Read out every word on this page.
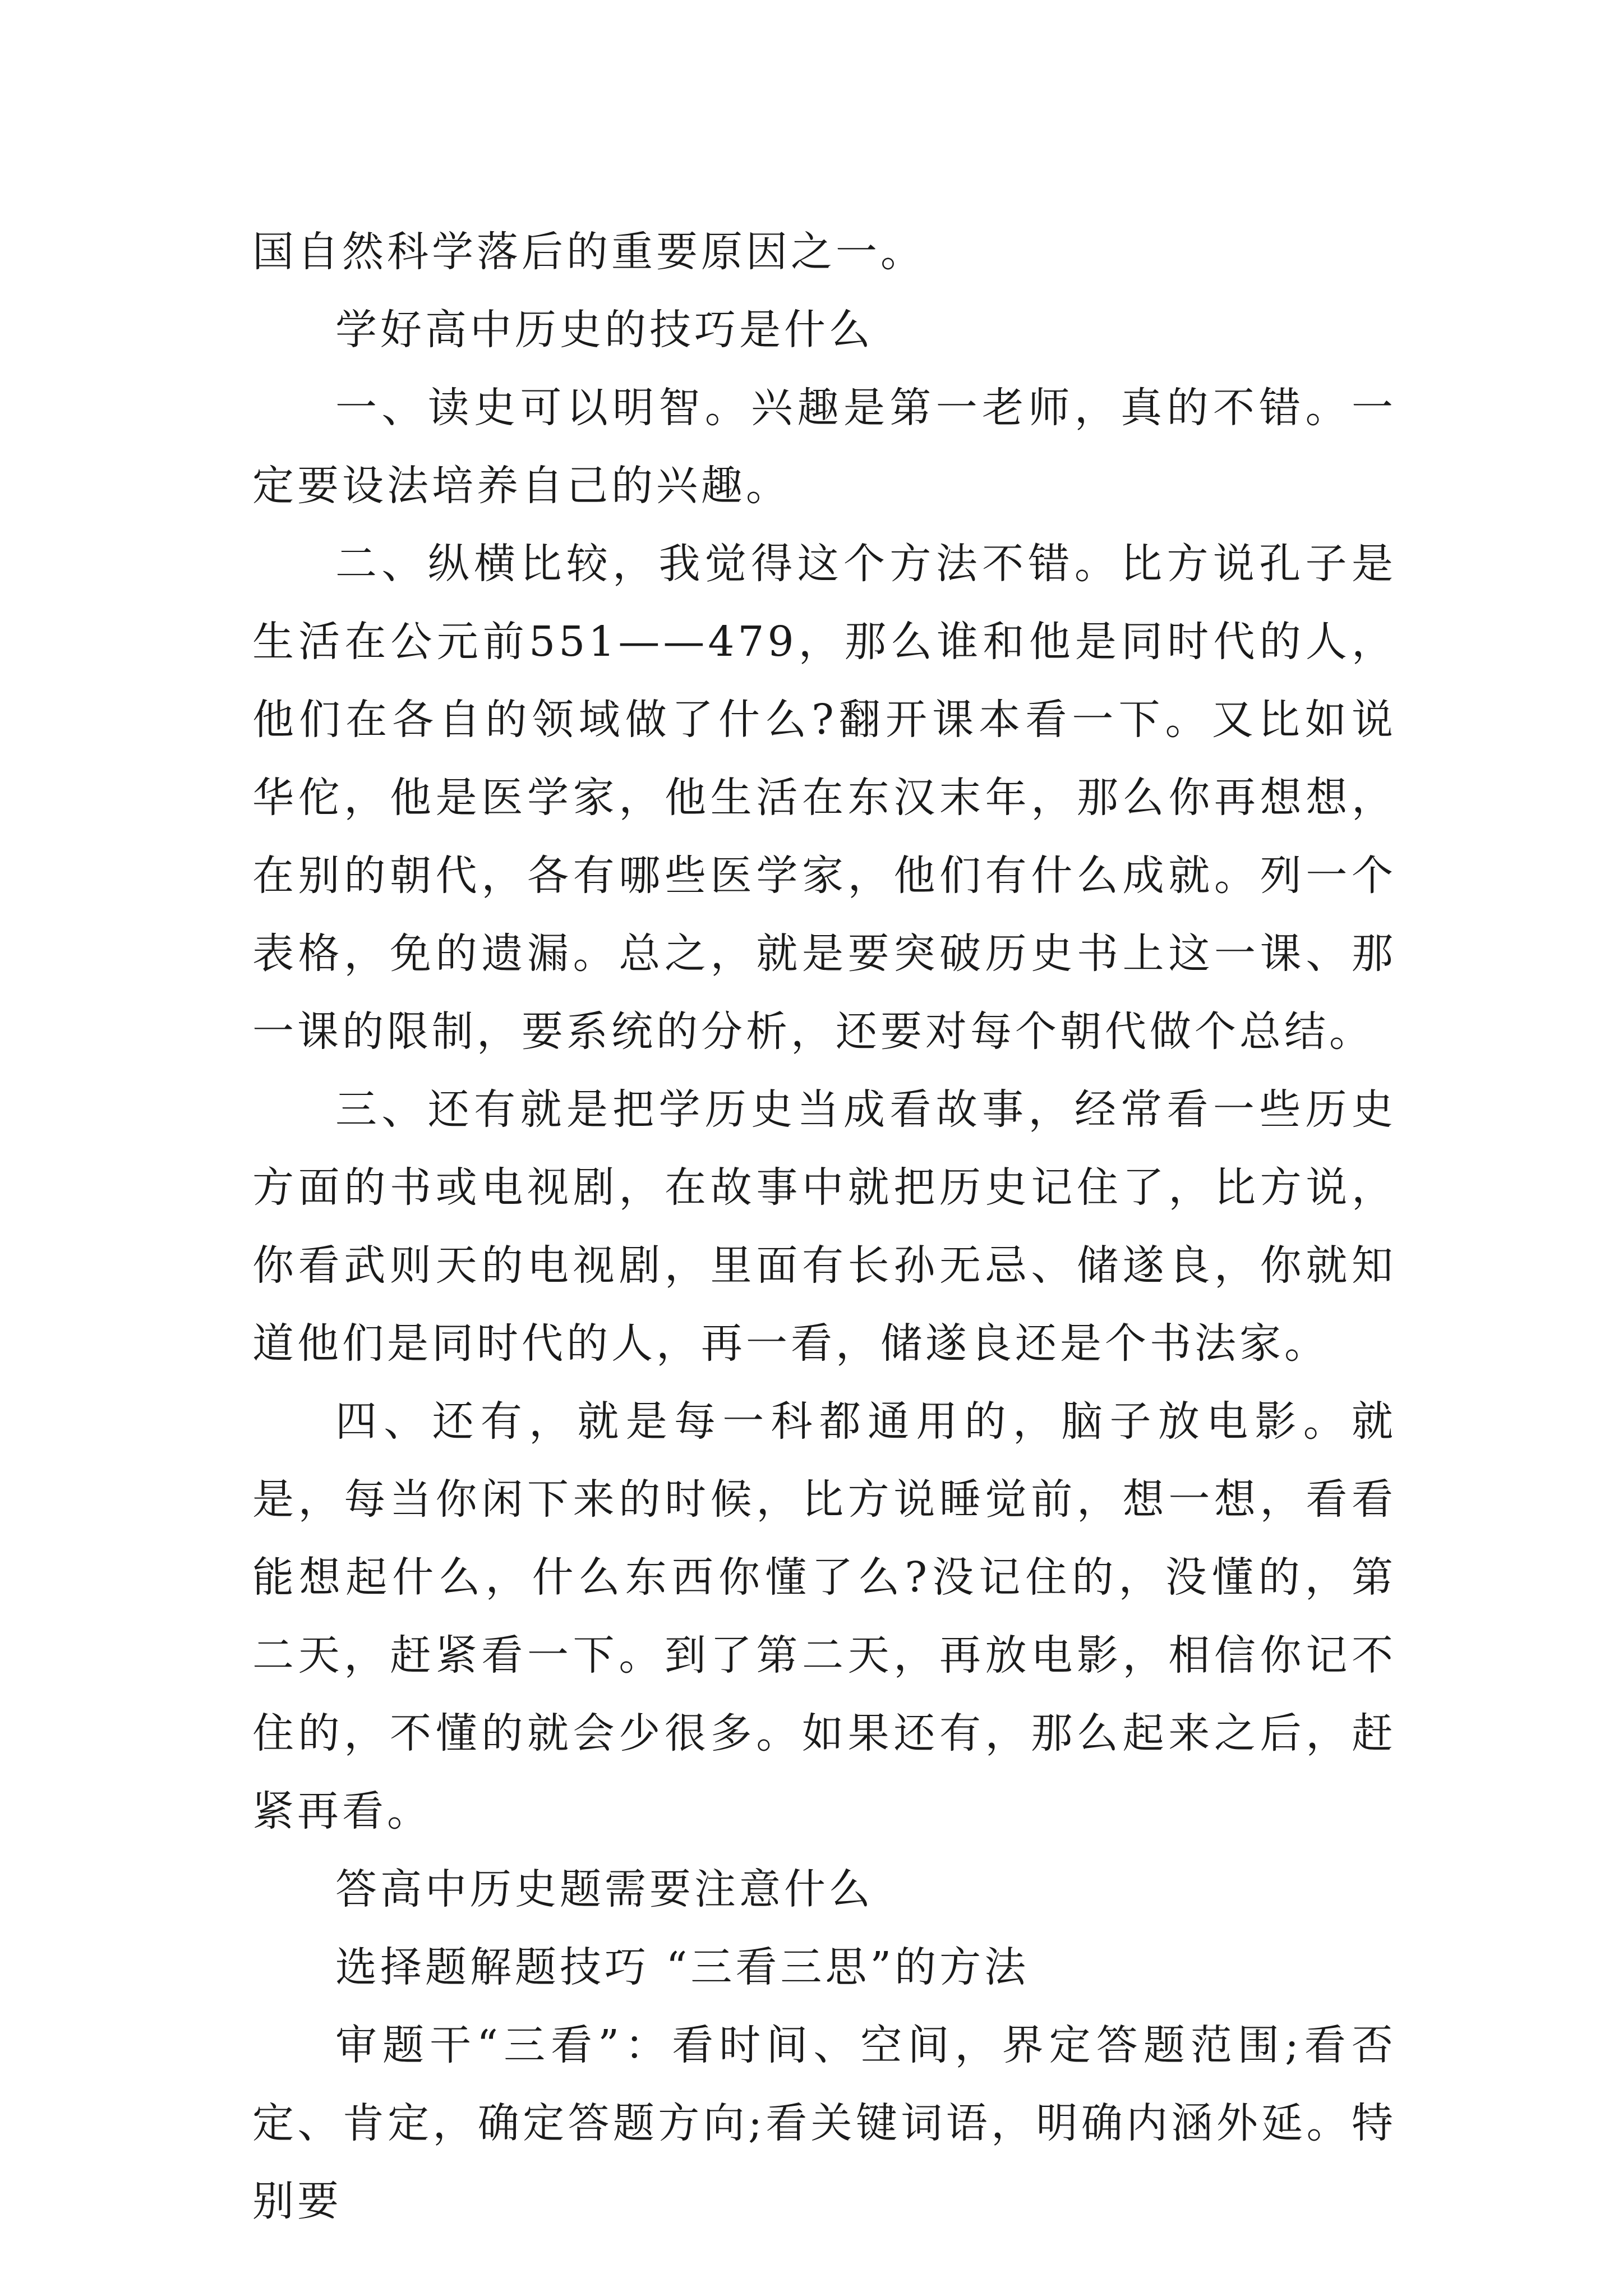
国自然科学落后的重要原因之一。

学好高中历史的技巧是什么

一、读史可以明智。兴趣是第一老师，真的不错。一定要设法培养自己的兴趣。

二、纵横比较，我觉得这个方法不错。比方说孔子是生活在公元前551——479，那么谁和他是同时代的人，他们在各自的领域做了什么?翻开课本看一下。又比如说华佗，他是医学家，他生活在东汉末年，那么你再想想，在别的朝代，各有哪些医学家，他们有什么成就。列一个表格，免的遗漏。总之，就是要突破历史书上这一课、那一课的限制，要系统的分析，还要对每个朝代做个总结。

三、还有就是把学历史当成看故事，经常看一些历史方面的书或电视剧，在故事中就把历史记住了，比方说，你看武则天的电视剧，里面有长孙无忌、储遂良，你就知道他们是同时代的人，再一看，储遂良还是个书法家。

四、还有，就是每一科都通用的，脑子放电影。就是，每当你闲下来的时候，比方说睡觉前，想一想，看看能想起什么，什么东西你懂了么?没记住的，没懂的，第二天，赶紧看一下。到了第二天，再放电影，相信你记不住的，不懂的就会少很多。如果还有，那么起来之后，赶紧再看。

答高中历史题需要注意什么

选择题解题技巧 “三看三思”的方法

审题干“三看”：看时间、空间，界定答题范围;看否定、肯定，确定答题方向;看关键词语，明确内涵外延。特别要
